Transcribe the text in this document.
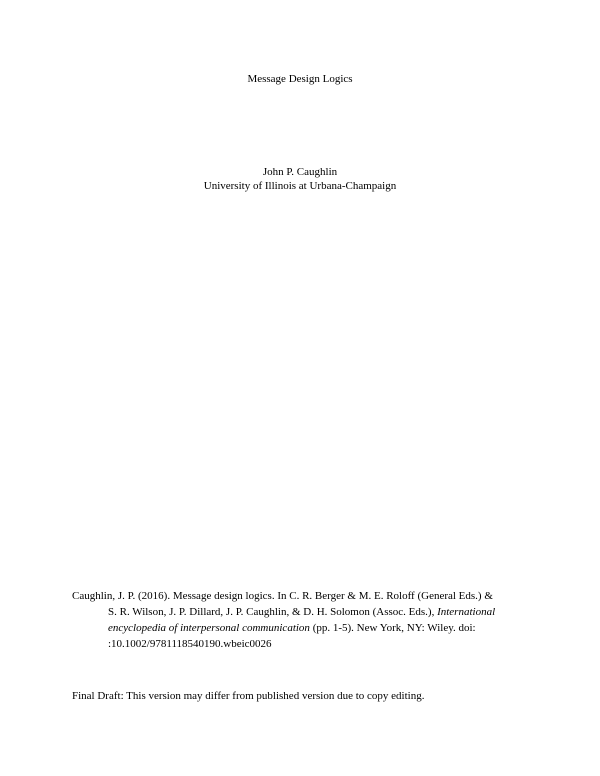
Message Design Logics
John P. Caughlin
University of Illinois at Urbana-Champaign
Caughlin, J. P. (2016). Message design logics. In C. R. Berger & M. E. Roloff (General Eds.) &
S. R. Wilson, J. P. Dillard, J. P. Caughlin, & D. H. Solomon (Assoc. Eds.), International
encyclopedia of interpersonal communication (pp. 1-5). New York, NY: Wiley. doi:
:10.1002/9781118540190.wbeic0026
Final Draft: This version may differ from published version due to copy editing.
